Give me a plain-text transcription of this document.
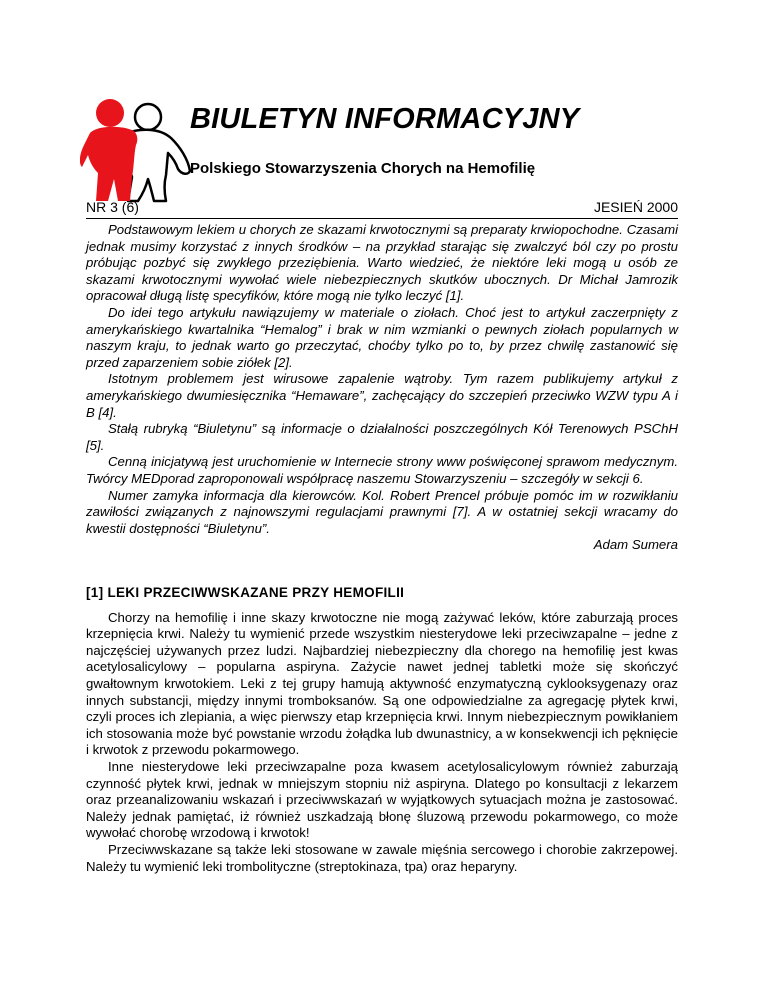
BIULETYN INFORMACYJNY
Polskiego Stowarzyszenia Chorych na Hemofilię
NR 3 (6)	JESIEŃ 2000

Podstawowym lekiem u chorych ze skazami krwotocznymi są preparaty krwiopochodne. Czasami jednak musimy korzystać z innych środków – na przykład starając się zwalczyć ból czy po prostu próbując pozbyć się zwykłego przeziębienia. Warto wiedzieć, że niektóre leki mogą u osób ze skazami krwotocznymi wywołać wiele niebezpiecznych skutków ubocznych. Dr Michał Jamrozik opracował długą listę specyfików, które mogą nie tylko leczyć [1].

Do idei tego artykułu nawiązujemy w materiale o ziołach. Choć jest to artykuł zaczerpnięty z amerykańskiego kwartalnika “Hemalog” i brak w nim wzmianki o pewnych ziołach popularnych w naszym kraju, to jednak warto go przeczytać, choćby tylko po to, by przez chwilę zastanowić się przed zaparzeniem sobie ziółek [2].

Istotnym problemem jest wirusowe zapalenie wątroby. Tym razem publikujemy artykuł z amerykańskiego dwumiesięcznika “Hemaware”, zachęcający do szczepień przeciwko WZW typu A i B [4].

Stałą rubryką “Biuletynu” są informacje o działalności poszczególnych Kół Terenowych PSChH [5].

Cenną inicjatywą jest uruchomienie w Internecie strony www poświęconej sprawom medycznym. Twórcy MEDporad zaproponowali współpracę naszemu Stowarzyszeniu – szczegóły w sekcji 6.

Numer zamyka informacja dla kierowców. Kol. Robert Prencel próbuje pomóc im w rozwikłaniu zawiłości związanych z najnowszymi regulacjami prawnymi [7]. A w ostatniej sekcji wracamy do kwestii dostępności “Biuletynu”.

Adam Sumera
[1] LEKI PRZECIWWSKAZANE PRZY HEMOFILII

Chorzy na hemofilię i inne skazy krwotoczne nie mogą zażywać leków, które zaburzają proces krzepnięcia krwi. Należy tu wymienić przede wszystkim niesterydowe leki przeciwzapalne – jedne z najczęściej używanych przez ludzi. Najbardziej niebezpieczny dla chorego na hemofilię jest kwas acetylosalicylowy – popularna aspiryna. Zażycie nawet jednej tabletki może się skończyć gwałtownym krwotokiem. Leki z tej grupy hamują aktywność enzymatyczną cyklooksygenazy oraz innych substancji, między innymi tromboksanów. Są one odpowiedzialne za agregację płytek krwi, czyli proces ich zlepiania, a więc pierwszy etap krzepnięcia krwi. Innym niebezpiecznym powikłaniem ich stosowania może być powstanie wrzodu żołądka lub dwunastnicy, a w konsekwencji ich pęknięcie i krwotok z przewodu pokarmowego.

Inne niesterydowe leki przeciwzapalne poza kwasem acetylosalicylowym również zaburzają czynność płytek krwi, jednak w mniejszym stopniu niż aspiryna. Dlatego po konsultacji z lekarzem oraz przeanalizowaniu wskazań i przeciwwskazań w wyjątkowych sytuacjach można je zastosować. Należy jednak pamiętać, iż również uszkadzają błonę śluzową przewodu pokarmowego, co może wywołać chorobę wrzodową i krwotok!

Przeciwwskazane są także leki stosowane w zawale mięśnia sercowego i chorobie zakrzepowej. Należy tu wymienić leki trombolityczne (streptokinaza, tpa) oraz heparyny.
